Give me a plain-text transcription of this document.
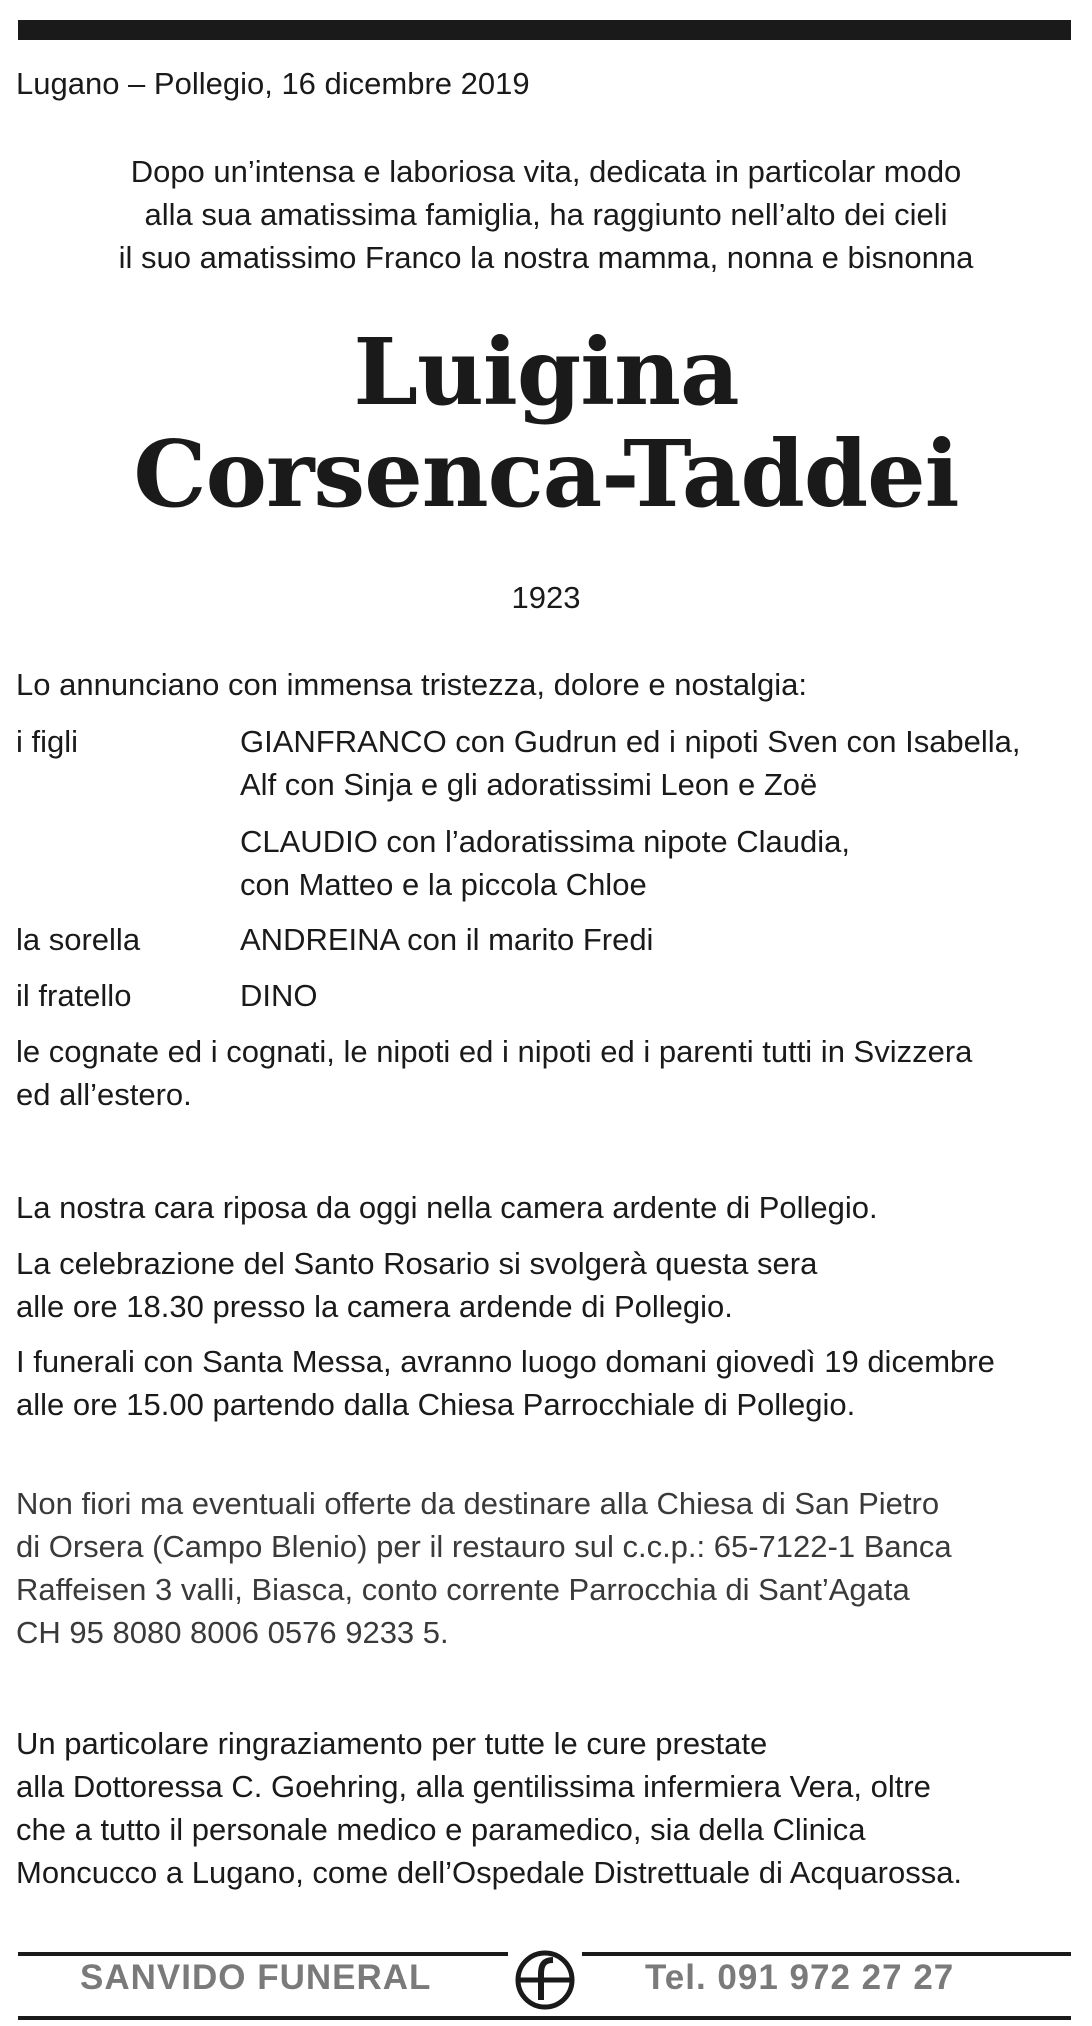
Lugano – Pollegio, 16 dicembre 2019
Dopo un’intensa e laboriosa vita, dedicata in particolar modo
alla sua amatissima famiglia, ha raggiunto nell’alto dei cieli
il suo amatissimo Franco la nostra mamma, nonna e bisnonna
Luigina
Corsenca-Taddei
1923
Lo annunciano con immensa tristezza, dolore e nostalgia:
i figli	GIANFRANCO con Gudrun ed i nipoti Sven con Isabella,
Alf con Sinja e gli adoratissimi Leon e Zoë
CLAUDIO con l’adoratissima nipote Claudia,
con Matteo e la piccola Chloe
la sorella	ANDREINA con il marito Fredi
il fratello	DINO
le cognate ed i cognati, le nipoti ed i nipoti ed i parenti tutti in Svizzera
ed all’estero.
La nostra cara riposa da oggi nella camera ardente di Pollegio.
La celebrazione del Santo Rosario si svolgerà questa sera
alle ore 18.30 presso la camera ardende di Pollegio.
I funerali con Santa Messa, avranno luogo domani giovedì 19 dicembre
alle ore 15.00 partendo dalla Chiesa Parrocchiale di Pollegio.
Non fiori ma eventuali offerte da destinare alla Chiesa di San Pietro
di Orsera (Campo Blenio) per il restauro sul c.c.p.: 65-7122-1 Banca
Raffeisen 3 valli, Biasca, conto corrente Parrocchia di Sant’Agata
CH 95 8080 8006 0576 9233 5.
Un particolare ringraziamento per tutte le cure prestate
alla Dottoressa C. Goehring, alla gentilissima infermiera Vera, oltre
che a tutto il personale medico e paramedico, sia della Clinica
Moncucco a Lugano, come dell’Ospedale Distrettuale di Acquarossa.
SANVIDO FUNERAL	Tel. 091 972 27 27
